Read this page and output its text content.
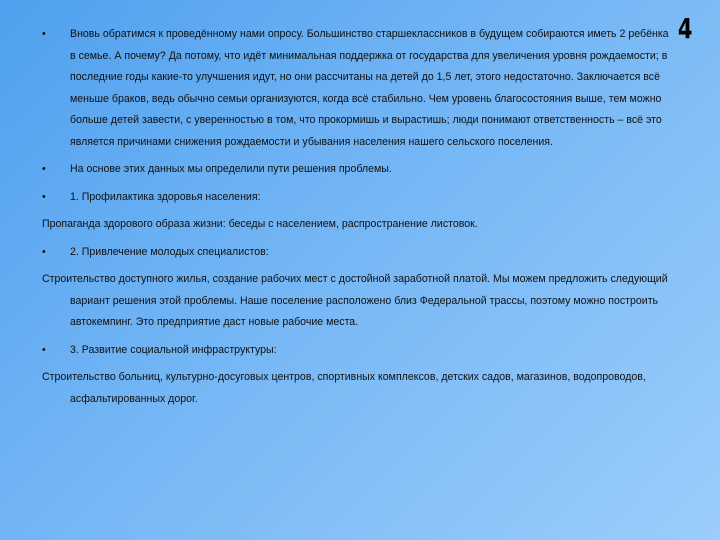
4

• Вновь обратимся к проведённому нами опросу. Большинство старшеклассников в будущем собираются иметь 2 ребёнка в семье. А почему? Да потому, что идёт минимальная поддержка от государства для увеличения уровня рождаемости; в последние годы какие-то улучшения идут, но они рассчитаны на детей до 1,5 лет, этого недостаточно. Заключается всё меньше браков, ведь обычно семьи организуются, когда всё стабильно. Чем уровень благосостояния выше, тем можно больше детей завести, с уверенностью в том, что прокормишь и вырастишь; люди понимают ответственность – всё это является причинами снижения рождаемости и убывания населения нашего сельского поселения.

• На основе этих данных мы определили пути решения проблемы.

• 1. Профилактика здоровья населения:

Пропаганда здорового образа жизни: беседы с населением, распространение листовок.

• 2. Привлечение молодых специалистов:

Строительство доступного жилья, создание рабочих мест с достойной заработной платой. Мы можем предложить следующий вариант решения этой проблемы. Наше поселение расположено близ Федеральной трассы, поэтому можно построить автокемпинг. Это предприятие даст новые рабочие места.

• 3. Развитие социальной инфраструктуры:

Строительство больниц, культурно-досуговых центров, спортивных комплексов, детских садов, магазинов, водопроводов, асфальтированных дорог.
